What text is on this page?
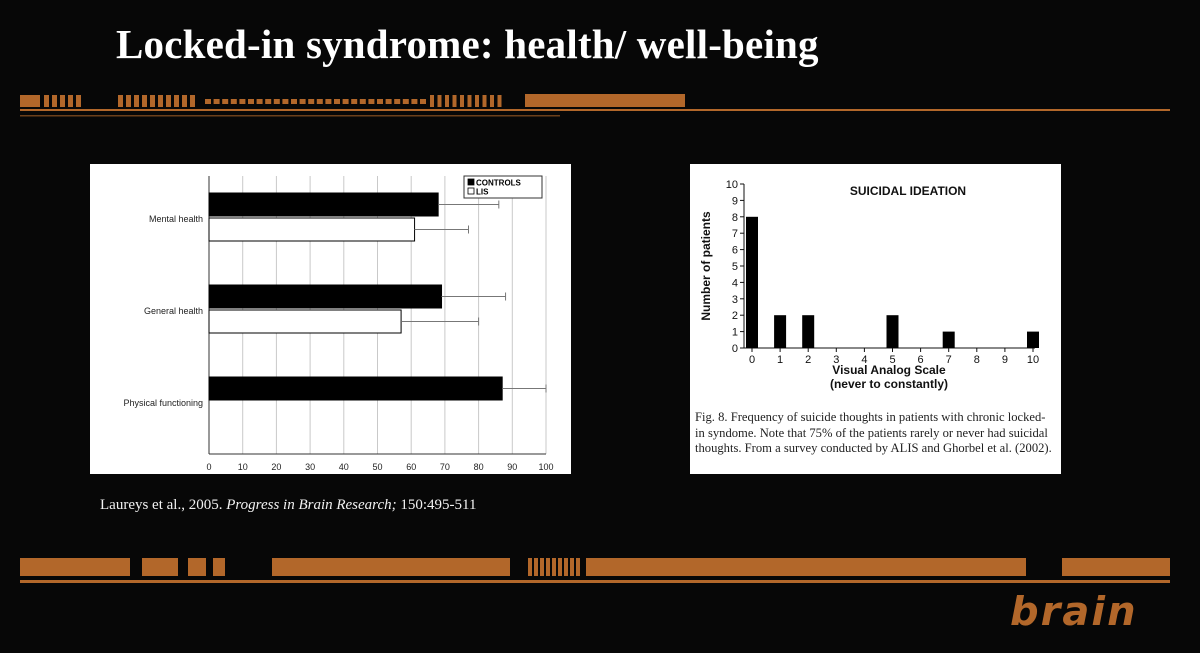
Locked-in syndrome: health/ well-being
0	10	20	30	40	50	60	70	80	90 100
Mental health
General health
Physical functioning
CONTROLS
LIS	SUICIDAL IDEATION
0
1
2
3
4
5
6
7
8
9
10
0 1 2 3 4 5 6 7 8 9 10
Visual Analog Scale
(never to constantly)
Number of patients

Fig. 8. Frequency of suicide thoughts in patients with chronic locked-in syndome. Note that 75% of the patients rarely or never had suicidal thoughts. From a survey conducted by ALIS and Ghorbel et al. (2002).

Laureys et al., 2005. Progress in Brain Research; 150:495-511

brain
